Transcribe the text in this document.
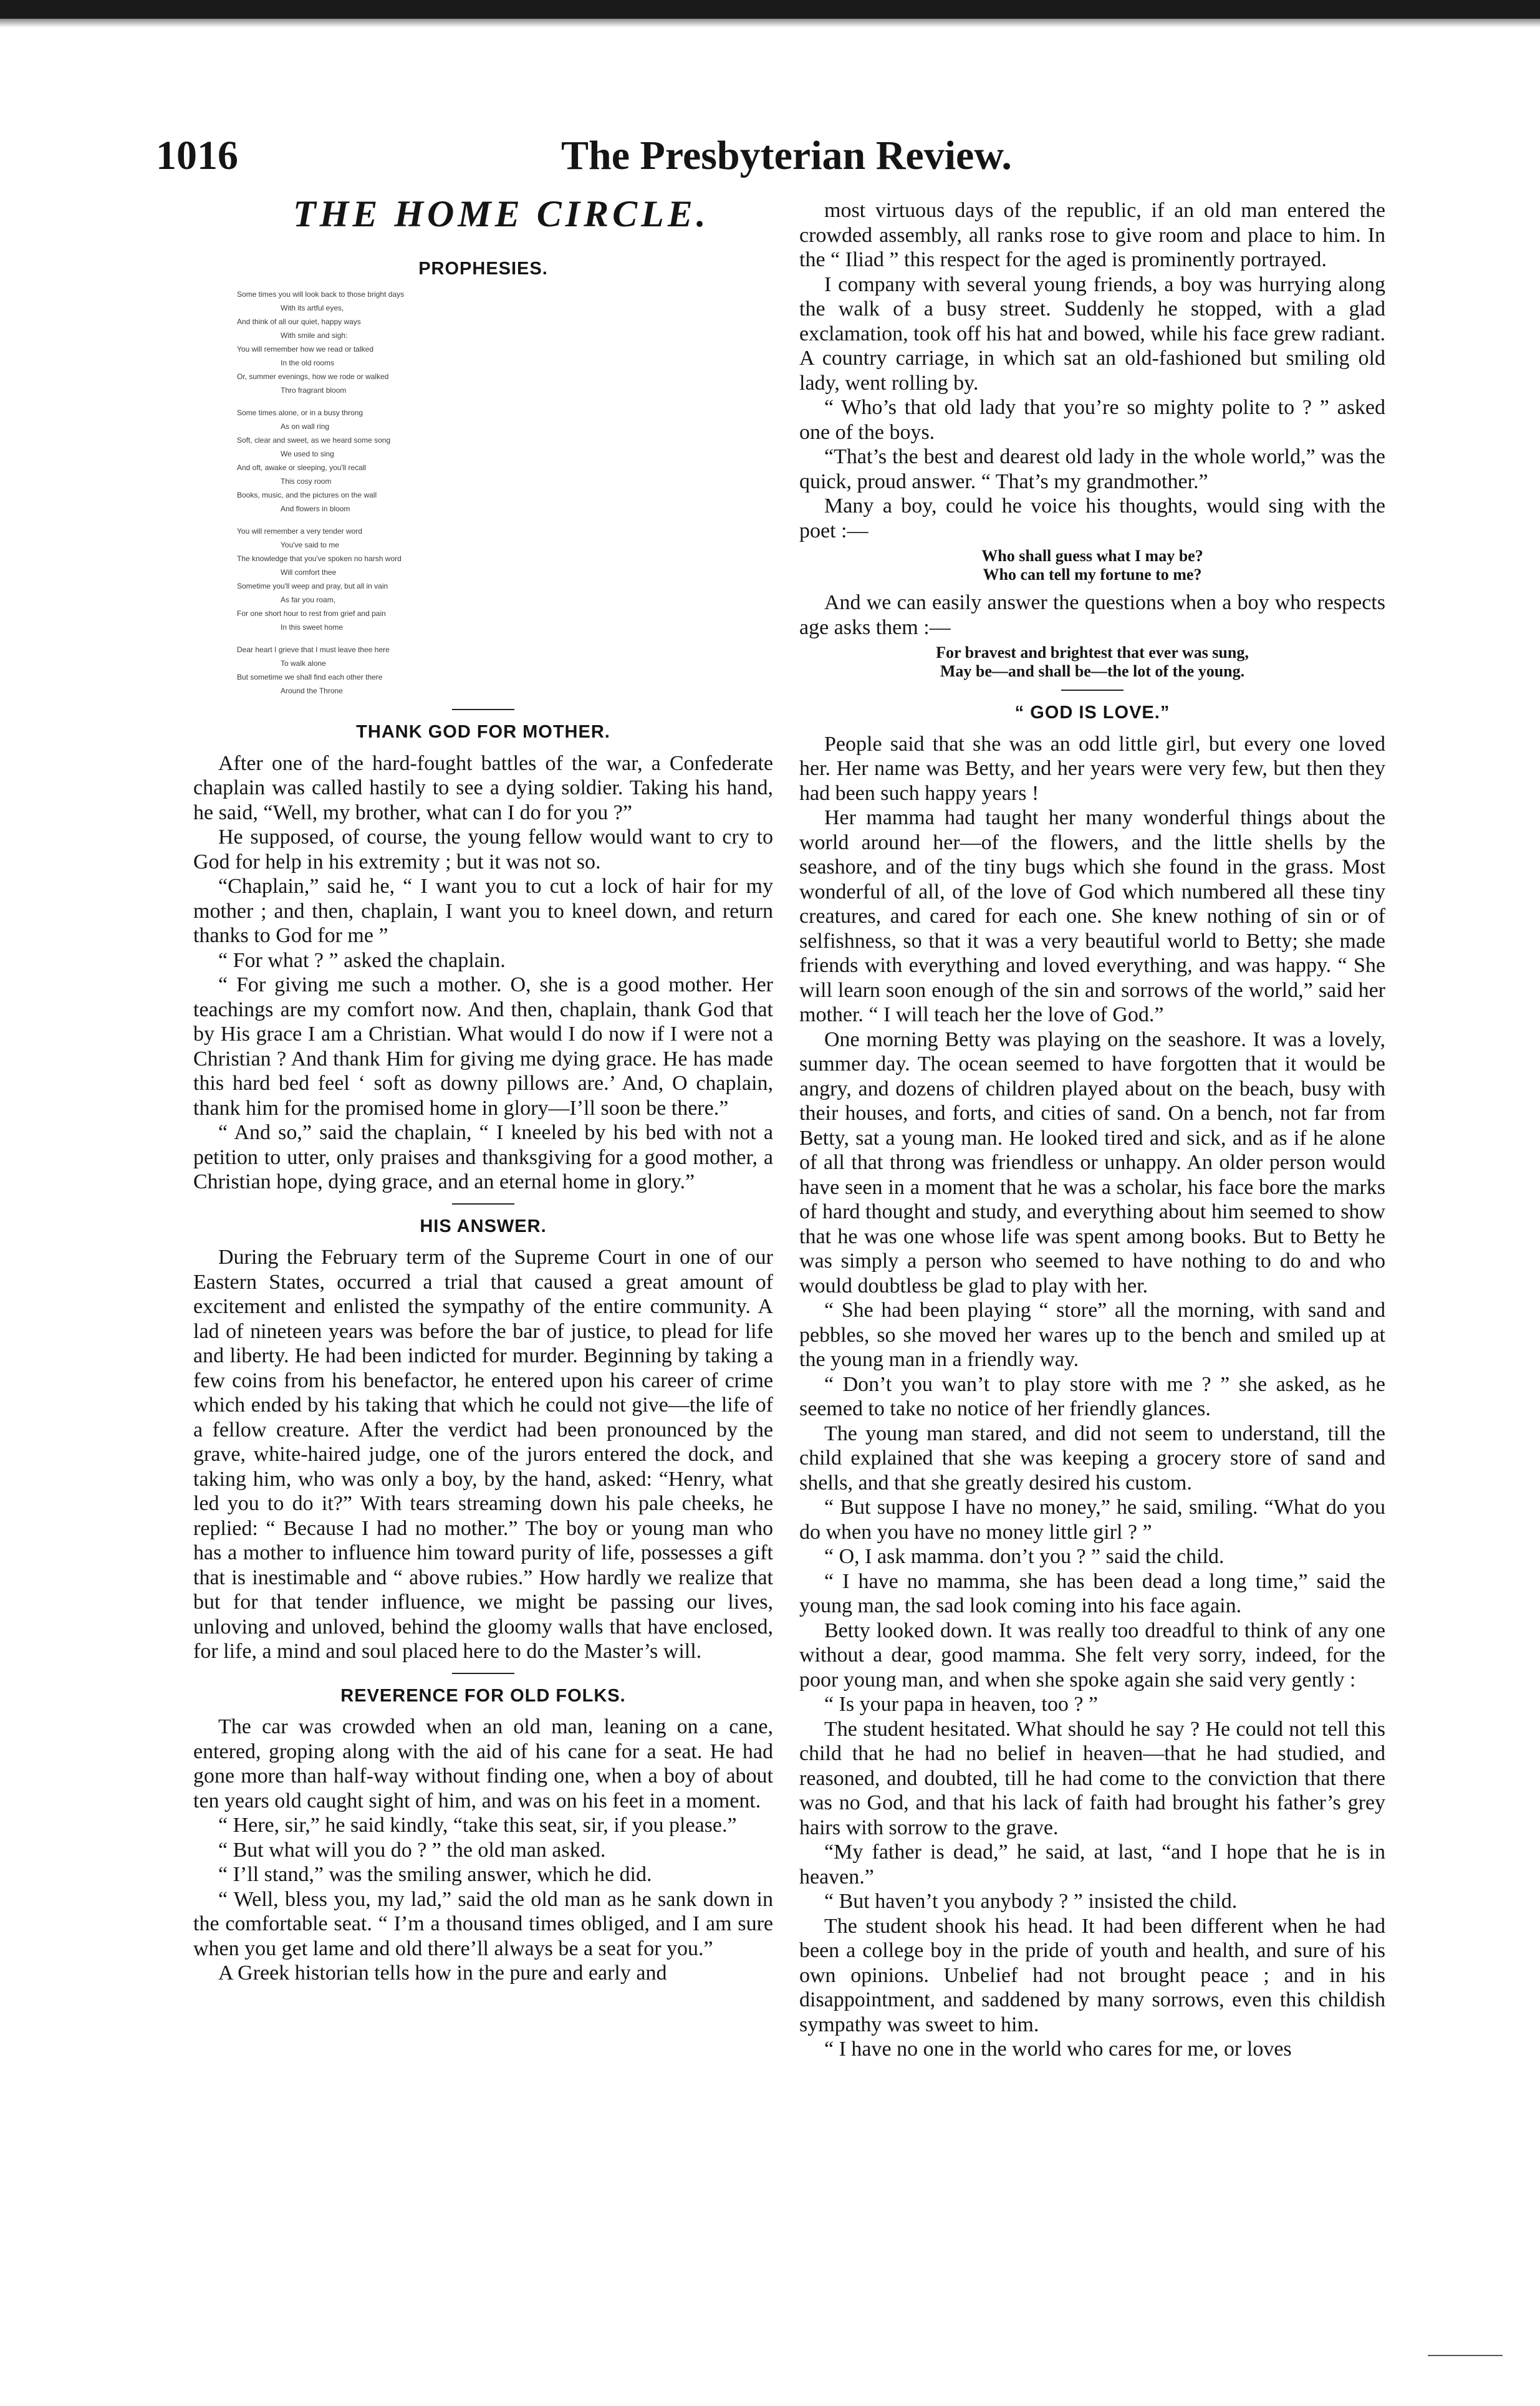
1016	The Presbyterian Review.
THE HOME CIRCLE.
PROPHESIES.
Some times you will look back to those bright days
With its artful eyes,
And think of all our quiet, happy ways
With smile and sigh:
You will remember how we read or talked
In the old rooms
Or, summer evenings, how we rode or walked
Thro fragrant bloom
Some times alone, or in a busy throng
As on wall ring
Soft, clear and sweet, as we heard some song
We used to sing
And oft, awake or sleeping, you'll recall
This cosy room
Books, music, and the pictures on the wall
And flowers in bloom
You will remember a very tender word
You've said to me
The knowledge that you've spoken no harsh word
Will comfort thee
Sometime you'll weep and pray, but all in vain
As far you roam,
For one short hour to rest from grief and pain
In this sweet home
Dear heart I grieve that I must leave thee here
To walk alone
But sometime we shall find each other there
Around the Throne
THANK GOD FOR MOTHER.

After one of the hard-fought battles of the war, a Confederate chaplain was called hastily to see a dying soldier. Taking his hand, he said, “Well, my brother, what can I do for you ?”

He supposed, of course, the young fellow would want to cry to God for help in his extremity ; but it was not so.

“Chaplain,” said he, “ I want you to cut a lock of hair for my mother ; and then, chaplain, I want you to kneel down, and return thanks to God for me ”

“ For what ? ” asked the chaplain.

“ For giving me such a mother. O, she is a good mother. Her teachings are my comfort now. And then, chaplain, thank God that by His grace I am a Christian. What would I do now if I were not a Christian ? And thank Him for giving me dying grace. He has made this hard bed feel ‘ soft as downy pillows are.’ And, O chaplain, thank him for the promised home in glory—I’ll soon be there.”

“ And so,” said the chaplain, “ I kneeled by his bed with not a petition to utter, only praises and thanksgiving for a good mother, a Christian hope, dying grace, and an eternal home in glory.”

HIS ANSWER.

During the February term of the Supreme Court in one of our Eastern States, occurred a trial that caused a great amount of excitement and enlisted the sympathy of the entire community. A lad of nineteen years was before the bar of justice, to plead for life and liberty. He had been indicted for murder. Beginning by taking a few coins from his benefactor, he entered upon his career of crime which ended by his taking that which he could not give—the life of a fellow creature. After the verdict had been pronounced by the grave, white-haired judge, one of the jurors entered the dock, and taking him, who was only a boy, by the hand, asked: “Henry, what led you to do it?” With tears streaming down his pale cheeks, he replied: “ Because I had no mother.” The boy or young man who has a mother to influence him toward purity of life, possesses a gift that is inestimable and “ above rubies.” How hardly we realize that but for that tender influence, we might be passing our lives, unloving and unloved, behind the gloomy walls that have enclosed, for life, a mind and soul placed here to do the Master’s will.

REVERENCE FOR OLD FOLKS.

The car was crowded when an old man, leaning on a cane, entered, groping along with the aid of his cane for a seat. He had gone more than half-way without finding one, when a boy of about ten years old caught sight of him, and was on his feet in a moment.

“ Here, sir,” he said kindly, “take this seat, sir, if you please.”

“ But what will you do ? ” the old man asked.

“ I’ll stand,” was the smiling answer, which he did.

“ Well, bless you, my lad,” said the old man as he sank down in the comfortable seat. “ I’m a thousand times obliged, and I am sure when you get lame and old there’ll always be a seat for you.”

A Greek historian tells how in the pure and early and

most virtuous days of the republic, if an old man entered the crowded assembly, all ranks rose to give room and place to him. In the “ Iliad ” this respect for the aged is prominently portrayed.

I company with several young friends, a boy was hurrying along the walk of a busy street. Suddenly he stopped, with a glad exclamation, took off his hat and bowed, while his face grew radiant. A country carriage, in which sat an old-fashioned but smiling old lady, went rolling by.

“ Who’s that old lady that you’re so mighty polite to ? ” asked one of the boys.

“That’s the best and dearest old lady in the whole world,” was the quick, proud answer. “ That’s my grandmother.”

Many a boy, could he voice his thoughts, would sing with the poet :—

Who shall guess what I may be?
Who can tell my fortune to me?

And we can easily answer the questions when a boy who respects age asks them :—

For bravest and brightest that ever was sung,
May be—and shall be—the lot of the young.
“ GOD IS LOVE.”

People said that she was an odd little girl, but every one loved her. Her name was Betty, and her years were very few, but then they had been such happy years !

Her mamma had taught her many wonderful things about the world around her—of the flowers, and the little shells by the seashore, and of the tiny bugs which she found in the grass. Most wonderful of all, of the love of God which numbered all these tiny creatures, and cared for each one. She knew nothing of sin or of selfishness, so that it was a very beautiful world to Betty; she made friends with everything and loved everything, and was happy. “ She will learn soon enough of the sin and sorrows of the world,” said her mother. “ I will teach her the love of God.”

One morning Betty was playing on the seashore. It was a lovely, summer day. The ocean seemed to have forgotten that it would be angry, and dozens of children played about on the beach, busy with their houses, and forts, and cities of sand. On a bench, not far from Betty, sat a young man. He looked tired and sick, and as if he alone of all that throng was friendless or unhappy. An older person would have seen in a moment that he was a scholar, his face bore the marks of hard thought and study, and everything about him seemed to show that he was one whose life was spent among books. But to Betty he was simply a person who seemed to have nothing to do and who would doubtless be glad to play with her.

“ She had been playing “ store” all the morning, with sand and pebbles, so she moved her wares up to the bench and smiled up at the young man in a friendly way.

“ Don’t you wan’t to play store with me ? ” she asked, as he seemed to take no notice of her friendly glances.

The young man stared, and did not seem to understand, till the child explained that she was keeping a grocery store of sand and shells, and that she greatly desired his custom.

“ But suppose I have no money,” he said, smiling. “What do you do when you have no money little girl ? ”

“ O, I ask mamma. don’t you ? ” said the child.

“ I have no mamma, she has been dead a long time,” said the young man, the sad look coming into his face again.

Betty looked down. It was really too dreadful to think of any one without a dear, good mamma. She felt very sorry, indeed, for the poor young man, and when she spoke again she said very gently :

“ Is your papa in heaven, too ? ”

The student hesitated. What should he say ? He could not tell this child that he had no belief in heaven—that he had studied, and reasoned, and doubted, till he had come to the conviction that there was no God, and that his lack of faith had brought his father’s grey hairs with sorrow to the grave.

“My father is dead,” he said, at last, “and I hope that he is in heaven.”

“ But haven’t you anybody ? ” insisted the child.

The student shook his head. It had been different when he had been a college boy in the pride of youth and health, and sure of his own opinions. Unbelief had not brought peace ; and in his disappointment, and saddened by many sorrows, even this childish sympathy was sweet to him.

“ I have no one in the world who cares for me, or loves
